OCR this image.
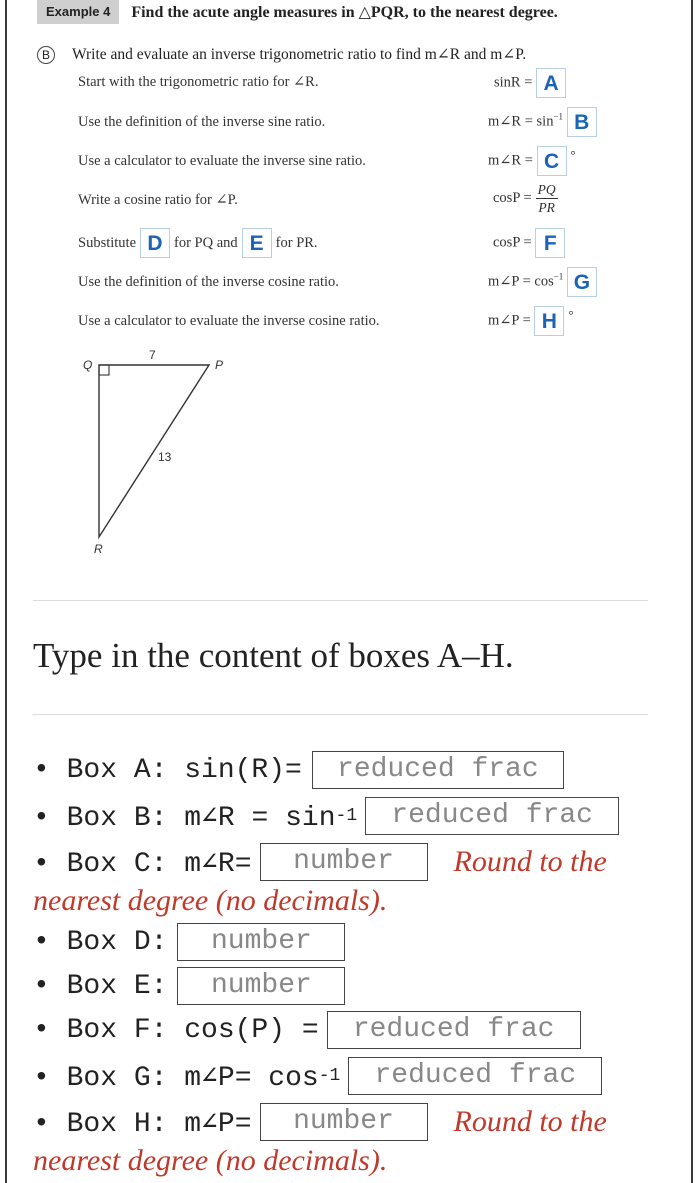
Example 4	Find the acute angle measures in △PQR, to the nearest degree.
B	Write and evaluate an inverse trigonometric ratio to find m∠R and m∠P.
Start with the trigonometric ratio for ∠R.	sinR = A
Use the definition of the inverse sine ratio.	m∠R = $\sin^{-1} B$
Use a calculator to evaluate the inverse sine ratio.	m∠R = C °
Write a cosine ratio for ∠P.	$\cos P = \frac{PQ}{PR}$
Substitute D for PQ and E for PR.	cosP = F
Use the definition of the inverse cosine ratio.	m∠P = $\cos^{-1} G$
Use a calculator to evaluate the inverse cosine ratio.	m∠P = H °
Q	P
R
7
13
Type in the content of boxes A–H.
• Box A: sin(R)=	reduced frac
• Box B: m∠R = sin -1	reduced frac
• Box C: m∠R=	number	Round to the
nearest degree (no decimals).
• Box D:	number
• Box E:	number
• Box F: cos(P) =	reduced frac
• Box G: m∠P= cos -1	reduced frac
• Box H: m∠P=	number	Round to the
nearest degree (no decimals).
